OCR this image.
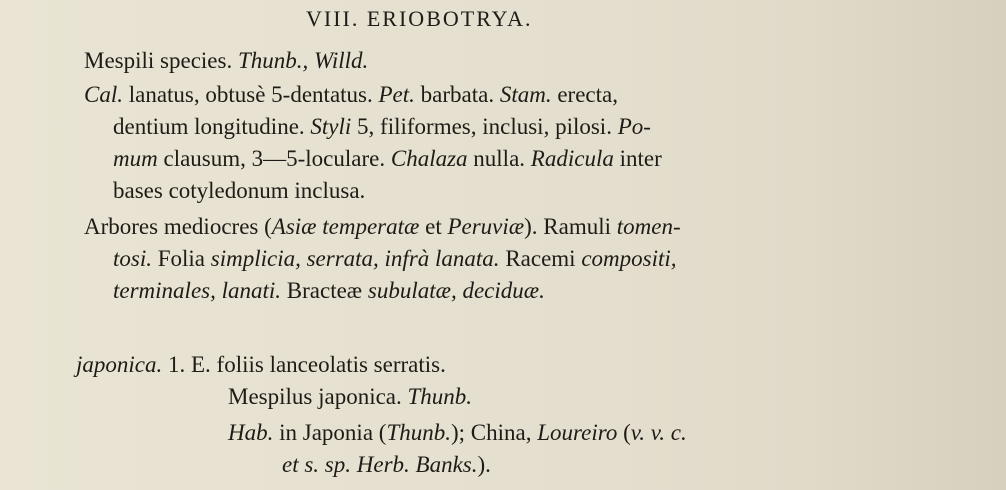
VIII. ERIOBOTRYA.
Mespili species. Thunb., Willd.
Cal. lanatus, obtusè 5-dentatus. Pet. barbata. Stam. erecta,
dentium longitudine. Styli 5, filiformes, inclusi, pilosi. Po-
mum clausum, 3—5-loculare. Chalaza nulla. Radicula inter
bases cotyledonum inclusa.
Arbores mediocres (Asiæ temperatæ et Peruviæ). Ramuli tomen-
tosi. Folia simplicia, serrata, infrà lanata. Racemi compositi,
terminales, lanati. Bracteæ subulatæ, deciduæ.
japonica. 1. E. foliis lanceolatis serratis.
Mespilus japonica. Thunb.
Hab. in Japonia (Thunb.); China, Loureiro (v. v. c.
et s. sp. Herb. Banks.).
